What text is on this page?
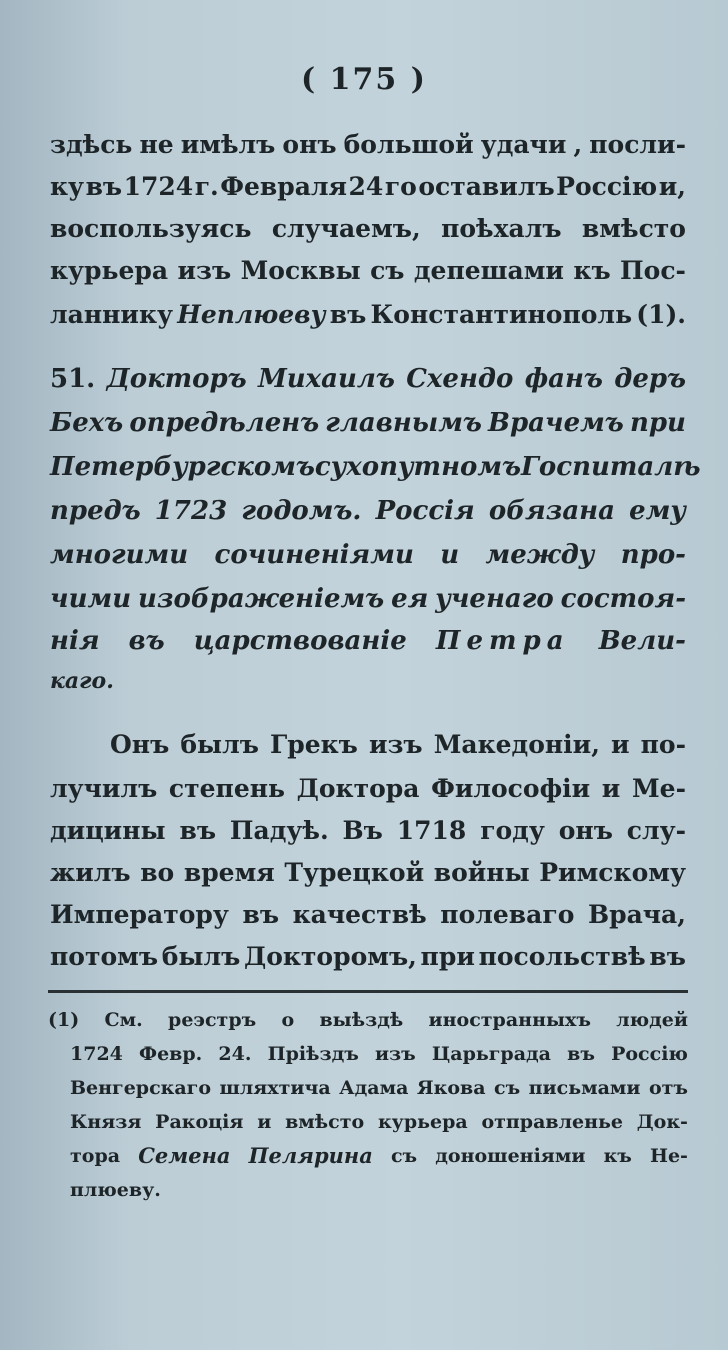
( 175 )
здѣсь не имѣлъ онъ большой удачи , посли-
ку въ 1724 г. Февраля 24 го оставилъ Россію и,
воспользуясь случаемъ, поѣхалъ вмѣсто
курьера изъ Москвы съ депешами къ Пос-
ланнику Неплюеву въ Константинополь (1).
51. Докторъ Михаилъ Схендо фанъ деръ
Бехъ опредѣленъ главнымъ Врачемъ при
Петербургскомъ сухопутномъ Госпиталѣ
предъ 1723 годомъ. Россія обязана ему
многими сочиненіями и между про-
чими изображеніемъ ея ученаго состоя-
нія въ царствованіе Петра Вели-
каго.
Онъ былъ Грекъ изъ Македоніи, и по-
лучилъ степень Доктора Философіи и Ме-
дицины въ Падуѣ. Въ 1718 году онъ слу-
жилъ во время Турецкой войны Римскому
Императору въ качествѣ полеваго Врача,
потомъ былъ Докторомъ, при посольствѣ въ
(1) См. реэстръ о выѣздѣ иностранныхъ людей
1724 Февр. 24. Пріѣздъ изъ Царьграда въ Россію
Венгерскаго шляхтича Адама Якова съ письмами отъ
Князя Ракоція и вмѣсто курьера отправленье Док-
тора Семена Пелярина съ доношеніями къ Не-
плюеву.
